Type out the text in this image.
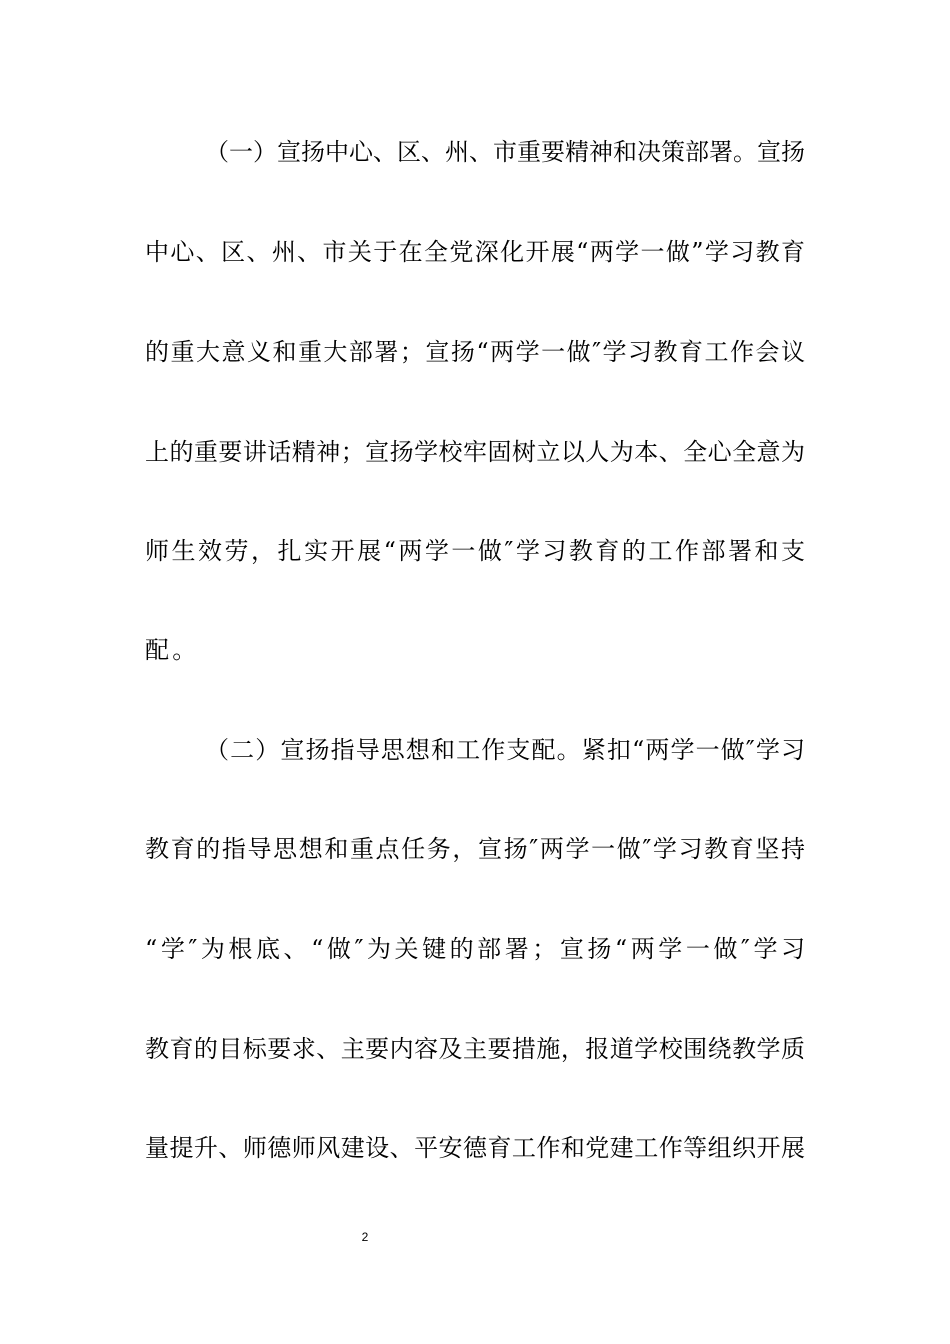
（一）宣扬中心、区、州、市重要精神和决策部署。宣扬
中心、区、州、市关于在全党深化开展“两学一做”学习教育
的重大意义和重大部署；宣扬“两学一做″学习教育工作会议
上的重要讲话精神；宣扬学校牢固树立以人为本、全心全意为
师生效劳，扎实开展“两学一做″学习教育的工作部署和支
配。
（二）宣扬指导思想和工作支配。紧扣“两学一做″学习
教育的指导思想和重点任务，宣扬″两学一做″学习教育坚持
“学″为根底、“做″为关键的部署；宣扬“两学一做″学习
教育的目标要求、主要内容及主要措施，报道学校围绕教学质
量提升、师德师风建设、平安德育工作和党建工作等组织开展
2
